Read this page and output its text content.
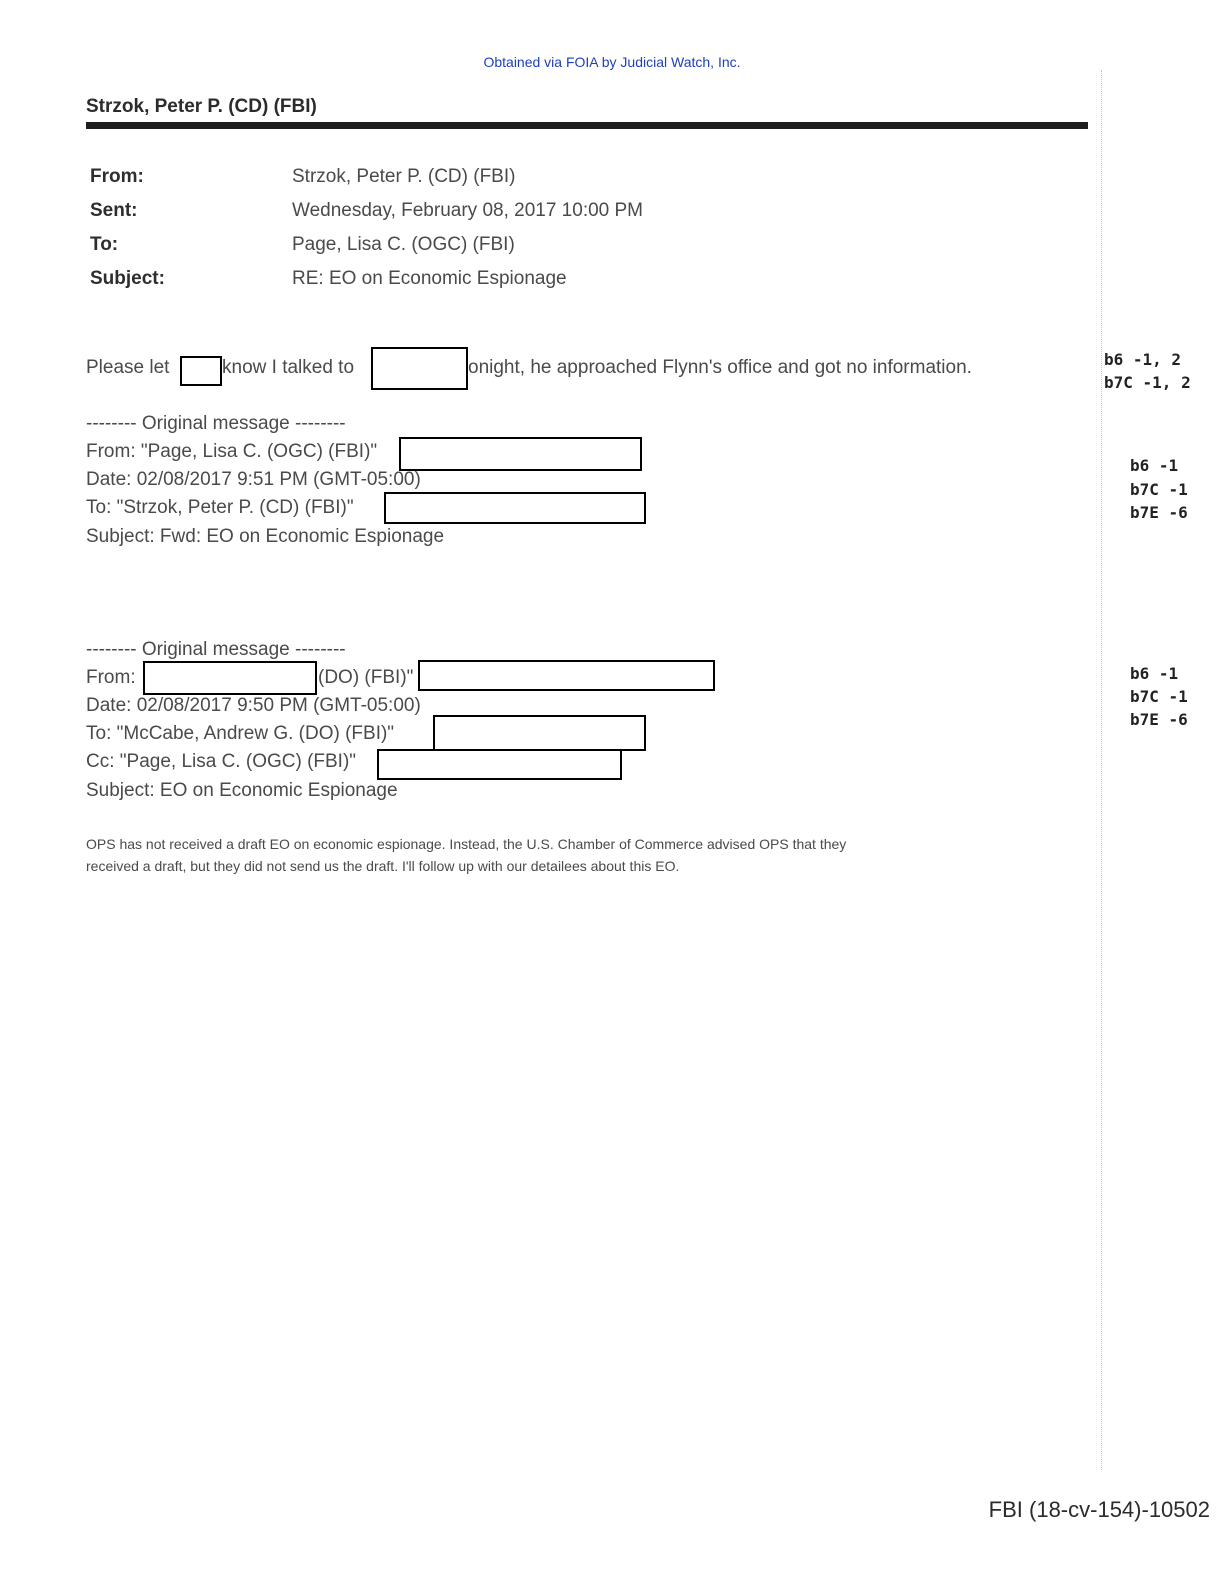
Obtained via FOIA by Judicial Watch, Inc.
Strzok, Peter P. (CD) (FBI)
From:	Strzok, Peter P. (CD) (FBI)
Sent:	Wednesday, February 08, 2017 10:00 PM
To:	Page, Lisa C. (OGC) (FBI)
Subject:	RE: EO on Economic Espionage
Please let	know I talked to	onight, he approached Flynn's office and got no information.	b6 -1, 2
b7C -1, 2
-------- Original message --------
From: "Page, Lisa C. (OGC) (FBI)"
Date: 02/08/2017 9:51 PM (GMT-05:00)
To: "Strzok, Peter P. (CD) (FBI)"
Subject: Fwd: EO on Economic Espionage
b6 -1
b7C -1
b7E -6
-------- Original message --------
From:	(DO) (FBI)"
Date: 02/08/2017 9:50 PM (GMT-05:00)
To: "McCabe, Andrew G. (DO) (FBI)"
Cc: "Page, Lisa C. (OGC) (FBI)"
Subject: EO on Economic Espionage
OPS has not received a draft EO on economic espionage. Instead, the U.S. Chamber of Commerce advised OPS that they
received a draft, but they did not send us the draft. I'll follow up with our detailees about this EO.
b6 -1
b7C -1
b7E -6
FBI (18-cv-154)-10502
